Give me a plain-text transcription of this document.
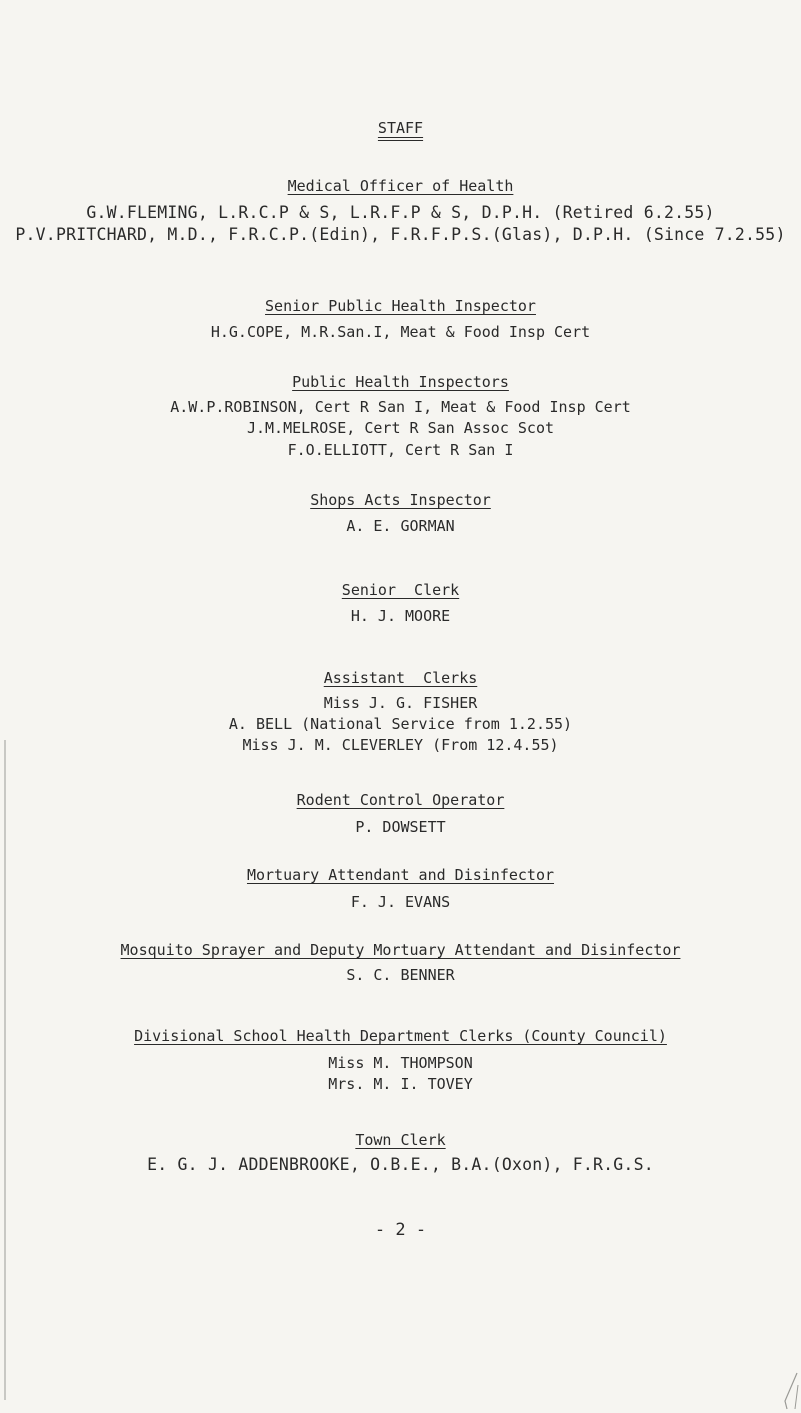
STAFF
Medical Officer of Health
G.W.FLEMING, L.R.C.P & S, L.R.F.P & S, D.P.H. (Retired 6.2.55)
P.V.PRITCHARD, M.D., F.R.C.P.(Edin), F.R.F.P.S.(Glas), D.P.H. (Since 7.2.55)
Senior Public Health Inspector
H.G.COPE, M.R.San.I, Meat & Food Insp Cert
Public Health Inspectors
A.W.P.ROBINSON, Cert R San I, Meat & Food Insp Cert
J.M.MELROSE, Cert R San Assoc Scot
F.O.ELLIOTT, Cert R San I
Shops Acts Inspector
A. E. GORMAN
Senior  Clerk
H. J. MOORE
Assistant  Clerks
Miss J. G. FISHER
A. BELL (National Service from 1.2.55)
Miss J. M. CLEVERLEY (From 12.4.55)
Rodent Control Operator
P. DOWSETT
Mortuary Attendant and Disinfector
F. J. EVANS
Mosquito Sprayer and Deputy Mortuary Attendant and Disinfector
S. C. BENNER
Divisional School Health Department Clerks (County Council)
Miss M. THOMPSON
Mrs. M. I. TOVEY
Town Clerk
E. G. J. ADDENBROOKE, O.B.E., B.A.(Oxon), F.R.G.S.
- 2 -
